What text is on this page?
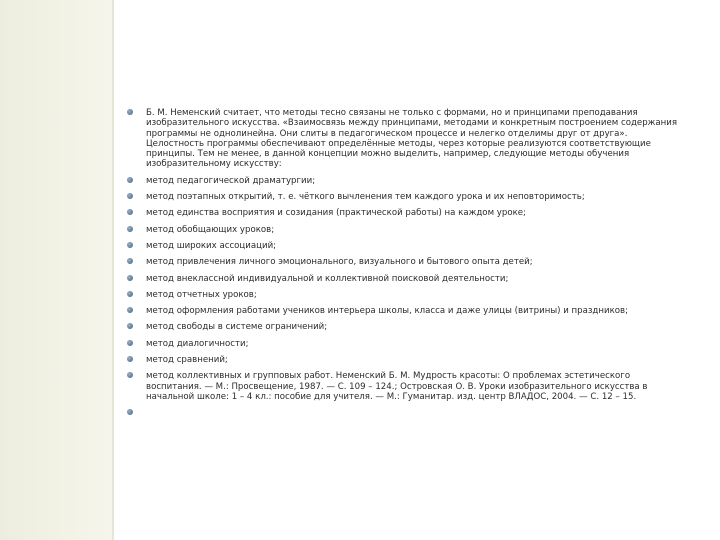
Б. М. Неменский считает, что методы тесно связаны не только с формами, но и принципами преподавания изобразительного искусства. «Взаимосвязь между принципами, методами и конкретным построением содержания программы не однолинейна. Они слиты в педагогическом процессе и нелегко отделимы друг от друга». Целостность программы обеспечивают определённые методы, через которые реализуются соответствующие принципы. Тем не менее, в данной концепции можно выделить, например, следующие методы обучения изобразительному искусству:
метод педагогической драматургии;
метод поэтапных открытий, т. е. чёткого вычленения тем каждого урока и их неповторимость;
метод единства восприятия и созидания (практической работы) на каждом уроке;
метод обобщающих уроков;
метод широких ассоциаций;
метод привлечения личного эмоционального, визуального и бытового опыта детей;
метод внеклассной индивидуальной и коллективной поисковой деятельности;
метод отчетных уроков;
метод оформления работами учеников интерьера школы, класса и даже улицы (витрины) и праздников;
метод свободы в системе ограничений;
метод диалогичности;
метод сравнений;
метод коллективных и групповых работ. Неменский Б. М. Мудрость красоты: О проблемах эстетического воспитания. — М.: Просвещение, 1987. — С. 109 – 124.; Островская О. В. Уроки изобразительного искусства в начальной школе: 1 – 4 кл.: пособие для учителя. — М.: Гуманитар. изд. центр ВЛАДОС, 2004. — С. 12 – 15.
